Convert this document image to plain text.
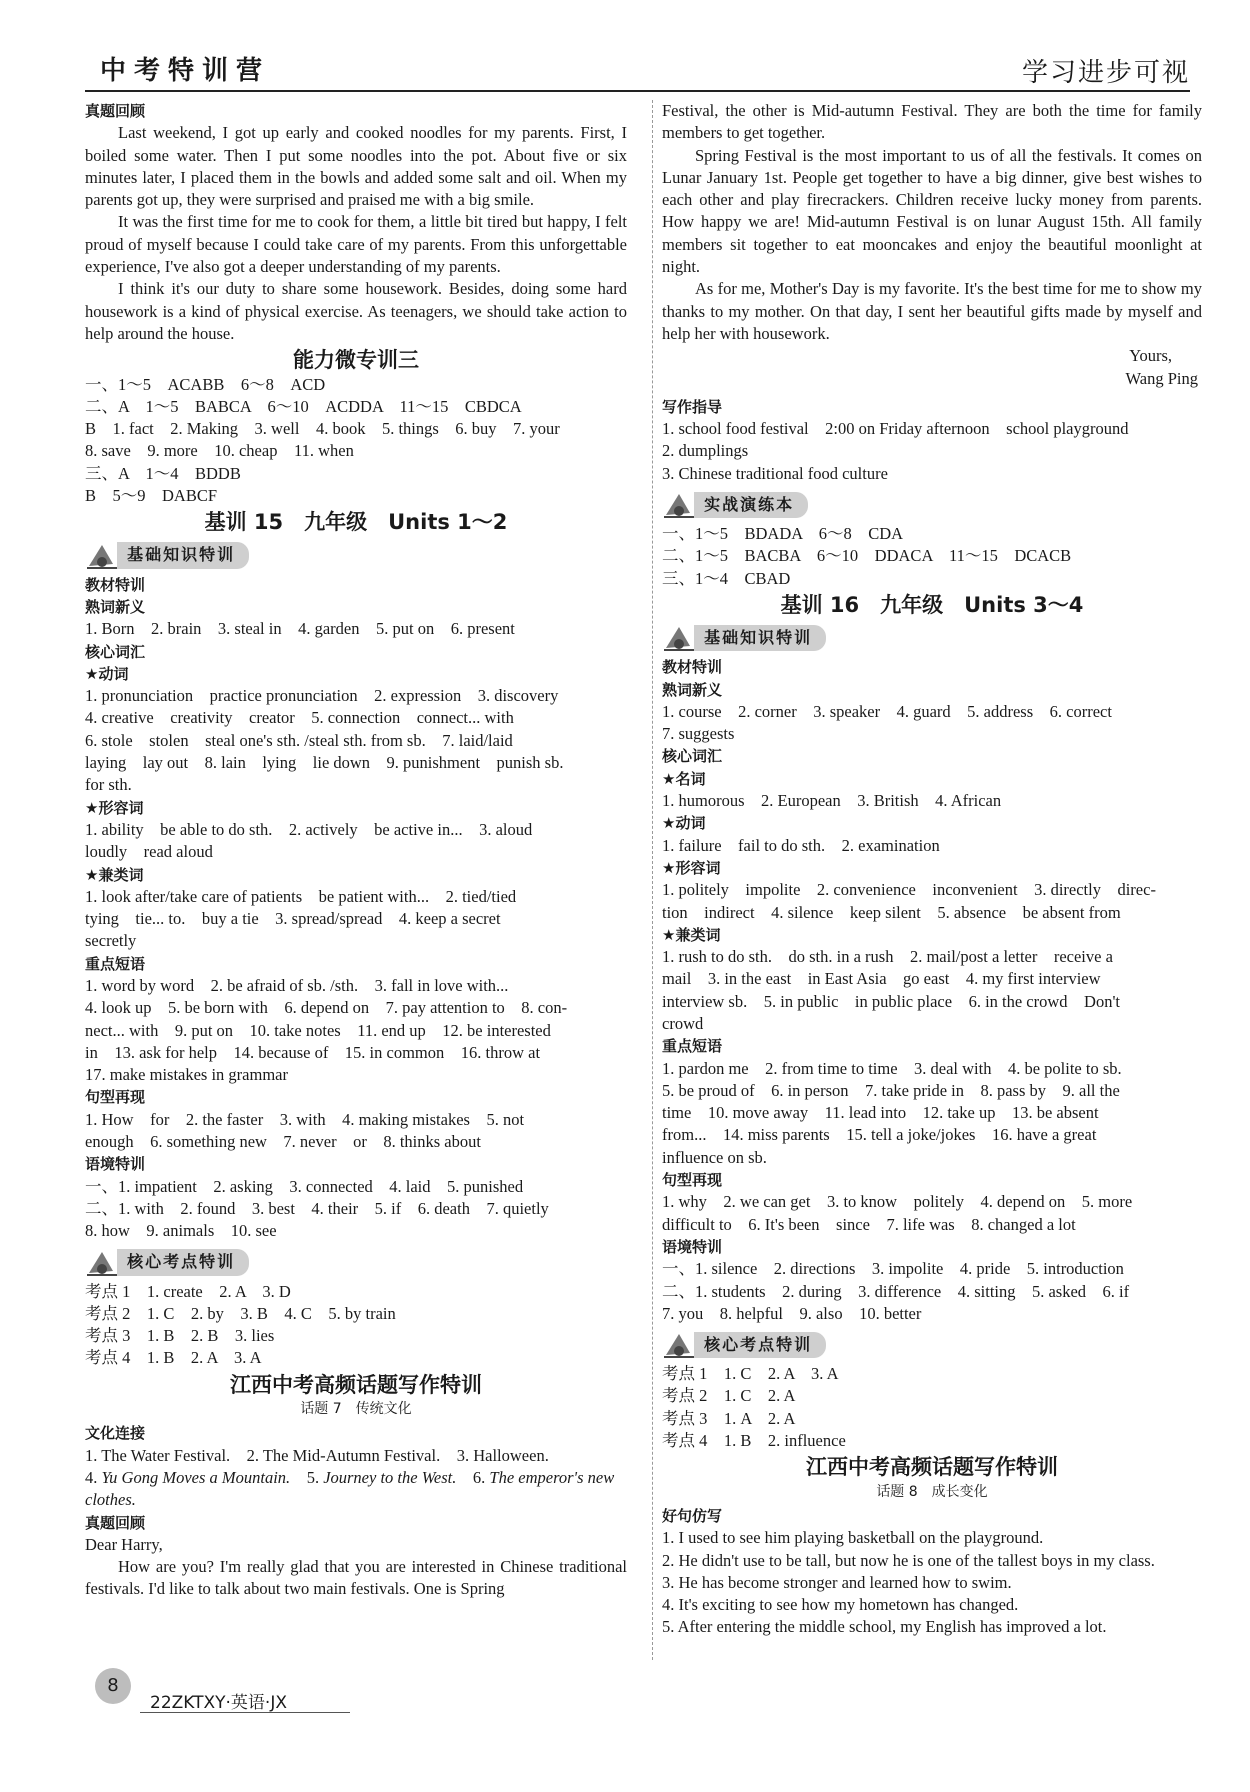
中考特训营	学习进步可视

真题回顾

Last weekend, I got up early and cooked noodles for my parents. First, I boiled some water. Then I put some noodles into the pot. About five or six minutes later, I placed them in the bowls and added some salt and oil. When my parents got up, they were surprised and praised me with a big smile.

It was the first time for me to cook for them, a little bit tired but happy, I felt proud of myself because I could take care of my parents. From this unforgettable experience, I've also got a deeper understanding of my parents.

I think it's our duty to share some housework. Besides, doing some hard housework is a kind of physical exercise. As teenagers, we should take action to help around the house.

能力微专训三

一、1～5　ACABB　6～8　ACD

二、A　1～5　BABCA　6～10　ACDDA　11～15　CBDCA

B　1. fact　2. Making　3. well　4. book　5. things　6. buy　7. your

8. save　9. more　10. cheap　11. when

三、A　1～4　BDDB

B　5～9　DABCF

基训 15　九年级　Units 1～2

基础知识特训

教材特训

熟词新义

1. Born　2. brain　3. steal in　4. garden　5. put on　6. present

核心词汇

★动词

1. pronunciation　practice pronunciation　2. expression　3. discovery

4. creative　creativity　creator　5. connection　connect... with

6. stole　stolen　steal one's sth. /steal sth. from sb.　7. laid/laid

laying　lay out　8. lain　lying　lie down　9. punishment　punish sb.

for sth.

★形容词

1. ability　be able to do sth.　2. actively　be active in...　3. aloud

loudly　read aloud

★兼类词

1. look after/take care of patients　be patient with...　2. tied/tied

tying　tie... to.　buy a tie　3. spread/spread　4. keep a secret

secretly

重点短语

1. word by word　2. be afraid of sb. /sth.　3. fall in love with...

4. look up　5. be born with　6. depend on　7. pay attention to　8. con-

nect... with　9. put on　10. take notes　11. end up　12. be interested

in　13. ask for help　14. because of　15. in common　16. throw at

17. make mistakes in grammar

句型再现

1. How　for　2. the faster　3. with　4. making mistakes　5. not

enough　6. something new　7. never　or　8. thinks about

语境特训

一、1. impatient　2. asking　3. connected　4. laid　5. punished

二、1. with　2. found　3. best　4. their　5. if　6. death　7. quietly

8. how　9. animals　10. see

核心考点特训

考点 1　1. create　2. A　3. D

考点 2　1. C　2. by　3. B　4. C　5. by train

考点 3　1. B　2. B　3. lies

考点 4　1. B　2. A　3. A

江西中考高频话题写作特训

话题 7　传统文化

文化连接

1. The Water Festival.　2. The Mid-Autumn Festival.　3. Halloween.

4. Yu Gong Moves a Mountain.　 5. Journey to the West.　 6. The emperor's new clothes.

真题回顾

Dear Harry,

How are you? I'm really glad that you are interested in Chinese traditional festivals. I'd like to talk about two main festivals. One is Spring

Festival, the other is Mid-autumn Festival. They are both the time for family members to get together.

Spring Festival is the most important to us of all the festivals. It comes on Lunar January 1st. People get together to have a big dinner, give best wishes to each other and play firecrackers. Children receive lucky money from parents. How happy we are! Mid-autumn Festival is on lunar August 15th. All family members sit together to eat mooncakes and enjoy the beautiful moonlight at night.

As for me, Mother's Day is my favorite. It's the best time for me to show my thanks to my mother. On that day, I sent her beautiful gifts made by myself and help her with housework.

Yours,

Wang Ping

写作指导

1. school food festival　2:00 on Friday afternoon　school playground

2. dumplings

3. Chinese traditional food culture

实战演练本

一、1～5　BDADA　6～8　CDA

二、1～5　BACBA　6～10　DDACA　11～15　DCACB

三、1～4　CBAD

基训 16　九年级　Units 3～4

基础知识特训

教材特训

熟词新义

1. course　2. corner　3. speaker　4. guard　5. address　6. correct

7. suggests

核心词汇

★名词

1. humorous　2. European　3. British　4. African

★动词

1. failure　fail to do sth.　2. examination

★形容词

1. politely　impolite　2. convenience　inconvenient　3. directly　direc-

tion　indirect　4. silence　keep silent　5. absence　be absent from

★兼类词

1. rush to do sth.　do sth. in a rush　2. mail/post a letter　receive a

mail　3. in the east　in East Asia　go east　4. my first interview

interview sb.　5. in public　in public place　6. in the crowd　Don't

crowd

重点短语

1. pardon me　2. from time to time　3. deal with　4. be polite to sb.

5. be proud of　6. in person　7. take pride in　8. pass by　9. all the

time　10. move away　11. lead into　12. take up　13. be absent

from...　14. miss parents　15. tell a joke/jokes　16. have a great

influence on sb.

句型再现

1. why　2. we can get　3. to know　politely　4. depend on　5. more

difficult to　6. It's been　since　7. life was　8. changed a lot

语境特训

一、1. silence　2. directions　3. impolite　4. pride　5. introduction

二、1. students　2. during　3. difference　4. sitting　5. asked　6. if

7. you　8. helpful　9. also　10. better

核心考点特训

考点 1　1. C　2. A　3. A

考点 2　1. C　2. A

考点 3　1. A　2. A

考点 4　1. B　2. influence

江西中考高频话题写作特训

话题 8　成长变化

好句仿写

1. I used to see him playing basketball on the playground.

2. He didn't use to be tall, but now he is one of the tallest boys in my class.

3. He has become stronger and learned how to swim.

4. It's exciting to see how my hometown has changed.

5. After entering the middle school, my English has improved a lot.

8
22ZKTXY·英语·JX
